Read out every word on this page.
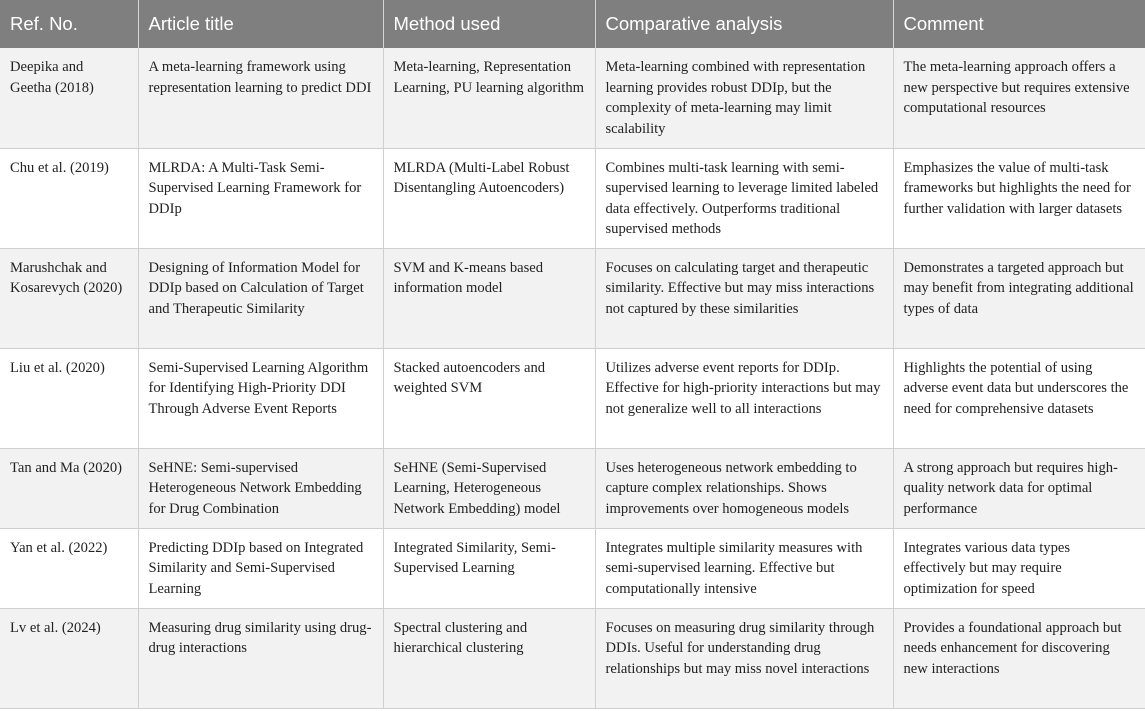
Ref. No.	Article title	Method used	Comparative analysis	Comment
Deepika and Geetha (2018)	A meta-learning framework using representation learning to predict DDI	Meta-learning, Representation Learning, PU learning algorithm	Meta-learning combined with representation learning provides robust DDIp, but the complexity of meta-learning may limit scalability	The meta-learning approach offers a new perspective but requires extensive computational resources
Chu et al. (2019)	MLRDA: A Multi-Task Semi-Supervised Learning Framework for DDIp	MLRDA (Multi-Label Robust Disentangling Autoencoders)	Combines multi-task learning with semi-supervised learning to leverage limited labeled data effectively. Outperforms traditional supervised methods	Emphasizes the value of multi-task frameworks but highlights the need for further validation with larger datasets
Marushchak and Kosarevych (2020)	Designing of Information Model for DDIp based on Calculation of Target and Therapeutic Similarity	SVM and K-means based information model	Focuses on calculating target and therapeutic similarity. Effective but may miss interactions not captured by these similarities	Demonstrates a targeted approach but may benefit from integrating additional types of data
Liu et al. (2020)	Semi-Supervised Learning Algorithm for Identifying High-Priority DDI Through Adverse Event Reports	Stacked autoencoders and weighted SVM	Utilizes adverse event reports for DDIp. Effective for high-priority interactions but may not generalize well to all interactions	Highlights the potential of using adverse event data but underscores the need for comprehensive datasets
Tan and Ma (2020)	SeHNE: Semi-supervised Heterogeneous Network Embedding for Drug Combination	SeHNE (Semi-Supervised Learning, Heterogeneous Network Embedding) model	Uses heterogeneous network embedding to capture complex relationships. Shows improvements over homogeneous models	A strong approach but requires high-quality network data for optimal performance
Yan et al. (2022)	Predicting DDIp based on Integrated Similarity and Semi-Supervised Learning	Integrated Similarity, Semi-Supervised Learning	Integrates multiple similarity measures with semi-supervised learning. Effective but computationally intensive	Integrates various data types effectively but may require optimization for speed
Lv et al. (2024)	Measuring drug similarity using drug-drug interactions	Spectral clustering and hierarchical clustering	Focuses on measuring drug similarity through DDIs. Useful for understanding drug relationships but may miss novel interactions	Provides a foundational approach but needs enhancement for discovering new interactions
